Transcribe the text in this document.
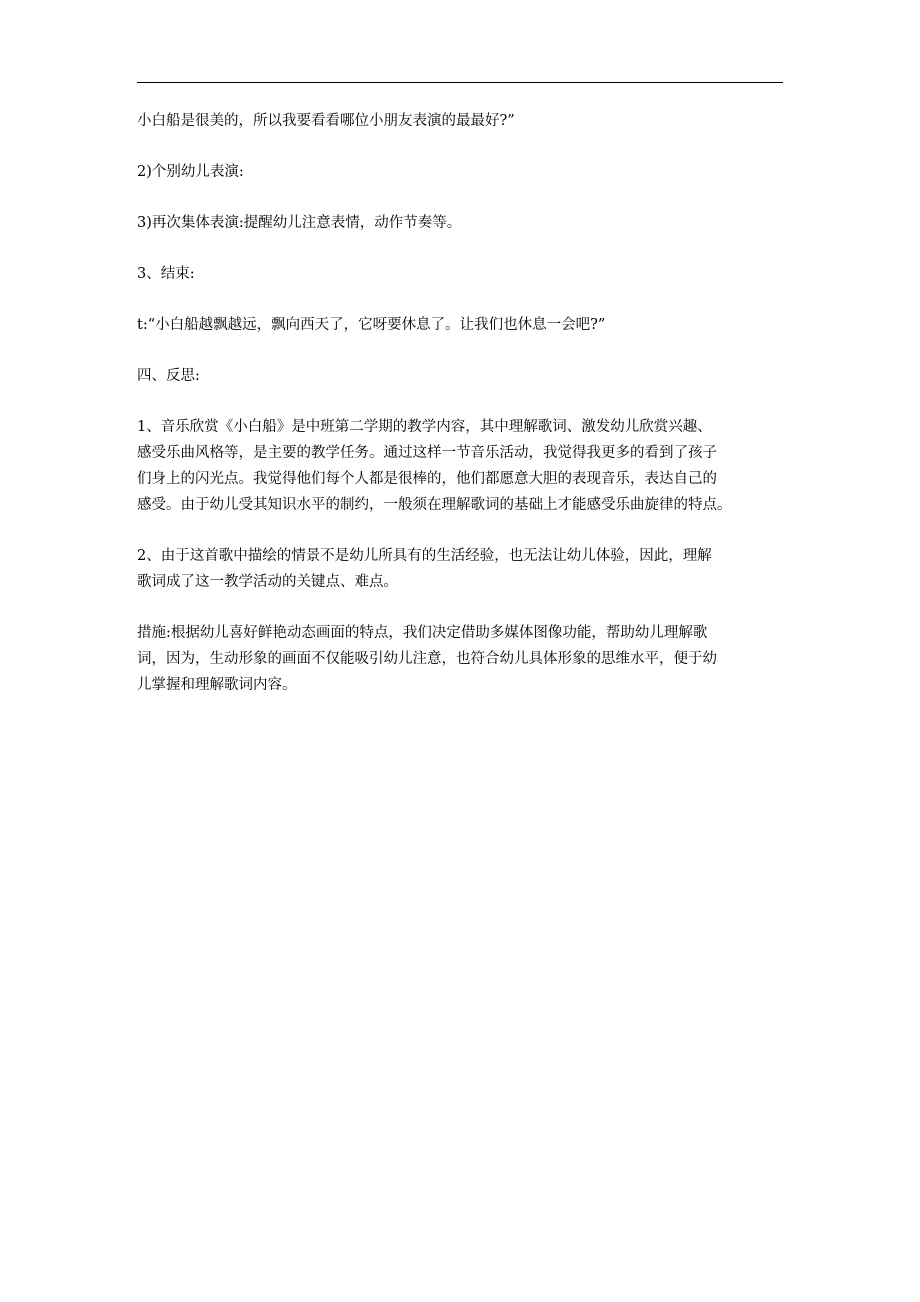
小白船是很美的，所以我要看看哪位小朋友表演的最最好?”

2)个别幼儿表演:

3)再次集体表演:提醒幼儿注意表情，动作节奏等。

3、结束:

t:“小白船越飘越远，飘向西天了，它呀要休息了。让我们也休息一会吧?”

四、反思:

1、音乐欣赏《小白船》是中班第二学期的教学内容，其中理解歌词、激发幼儿欣赏兴趣、
感受乐曲风格等，是主要的教学任务。通过这样一节音乐活动，我觉得我更多的看到了孩子
们身上的闪光点。我觉得他们每个人都是很棒的，他们都愿意大胆的表现音乐，表达自己的
感受。由于幼儿受其知识水平的制约，一般须在理解歌词的基础上才能感受乐曲旋律的特点。
2、由于这首歌中描绘的情景不是幼儿所具有的生活经验，也无法让幼儿体验，因此，理解
歌词成了这一教学活动的关键点、难点。
措施:根据幼儿喜好鲜艳动态画面的特点，我们决定借助多媒体图像功能，帮助幼儿理解歌
词，因为，生动形象的画面不仅能吸引幼儿注意，也符合幼儿具体形象的思维水平，便于幼
儿掌握和理解歌词内容。
